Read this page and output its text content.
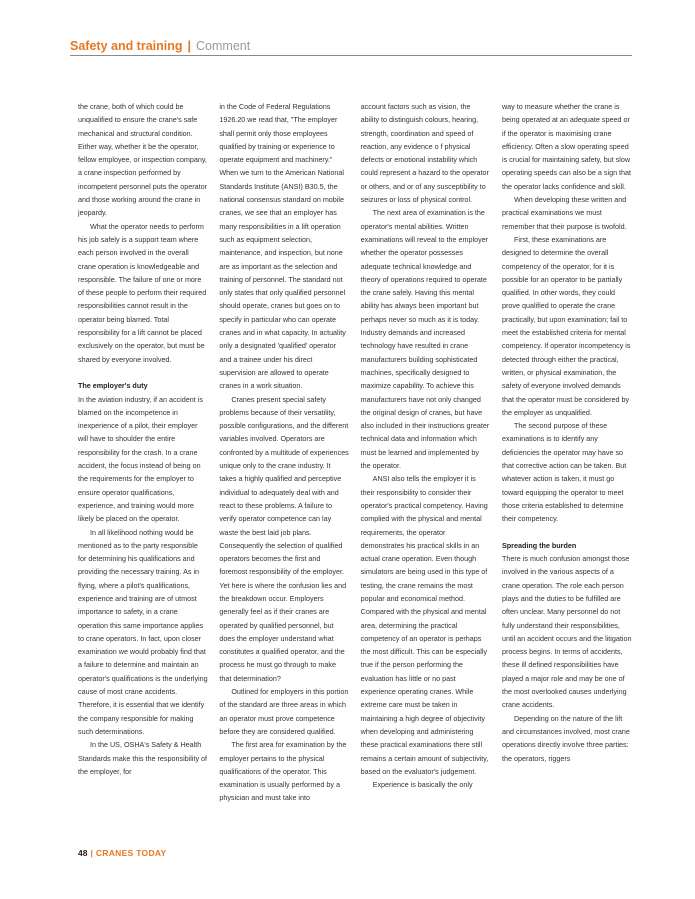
Safety and training | Comment

the crane, both of which could be unqualified to ensure the crane's safe mechanical and structural condition. Either way, whether it be the operator, fellow employee, or inspection company, a crane inspection performed by incompetent personnel puts the operator and those working around the crane in jeopardy.

What the operator needs to perform his job safely is a support team where each person involved in the overall crane operation is knowledgeable and responsible. The failure of one or more of these people to perform their required responsibilities cannot result in the operator being blamed. Total responsibility for a lift cannot be placed exclusively on the operator, but must be shared by everyone involved.

The employer's duty

In the aviation industry, if an accident is blamed on the incompetence in inexperience of a pilot, their employer will have to shoulder the entire responsibility for the crash. In a crane accident, the focus instead of being on the requirements for the employer to ensure operator qualifications, experience, and training would more likely be placed on the operator.

In all likelihood nothing would be mentioned as to the party responsible for determining his qualifications and providing the necessary training. As in flying, where a pilot's qualifications, experience and training are of utmost importance to safety, in a crane operation this same importance applies to crane operators. In fact, upon closer examination we would probably find that a failure to determine and maintain an operator's qualifications is the underlying cause of most crane accidents. Therefore, it is essential that we identify the company responsible for making such determinations.

In the US, OSHA's Safety & Health Standards make this the responsibility of the employer, for

in the Code of Federal Regulations 1926.20 we read that, "The employer shall permit only those employees qualified by training or experience to operate equipment and machinery." When we turn to the American National Standards Institute (ANSI) B30.5, the national consensus standard on mobile cranes, we see that an employer has many responsibilities in a lift operation such as equipment selection, maintenance, and inspection, but none are as important as the selection and training of personnel. The standard not only states that only qualified personnel should operate, cranes but goes on to specify in particular who can operate cranes and in what capacity. In actuality only a designated 'qualified' operator and a trainee under his direct supervision are allowed to operate cranes in a work situation.

Cranes present special safety problems because of their versatility, possible configurations, and the different variables involved. Operators are confronted by a multitude of experiences unique only to the crane industry. It takes a highly qualified and perceptive individual to adequately deal with and react to these problems. A failure to verify operator competence can lay waste the best laid job plans. Consequently the selection of qualified operators becomes the first and foremost responsibility of the employer. Yet here is where the confusion lies and the breakdown occur. Employers generally feel as if their cranes are operated by qualified personnel, but does the employer understand what constitutes a qualified operator, and the process he must go through to make that determination?

Outlined for employers in this portion of the standard are three areas in which an operator must prove competence before they are considered qualified.

The first area for examination by the employer pertains to the physical qualifications of the operator. This examination is usually performed by a physician and must take into

account factors such as vision, the ability to distinguish colours, hearing, strength, coordination and speed of reaction, any evidence o f physical defects or emotional instability which could represent a hazard to the operator or others, and or of any susceptibility to seizures or loss of physical control.

The next area of examination is the operator's mental abilities. Written examinations will reveal to the employer whether the operator possesses adequate technical knowledge and theory of operations required to operate the crane safely. Having this mental ability has always been important but perhaps never so much as it is today. Industry demands and increased technology have resulted in crane manufacturers building sophisticated machines, specifically designed to maximize capability. To achieve this manufacturers have not only changed the original design of cranes, but have also included in their instructions greater technical data and information which must be learned and implemented by the operator.

ANSI also tells the employer it is their responsibility to consider their operator's practical competency. Having complied with the physical and mental requirements, the operator demonstrates his practical skills in an actual crane operation. Even though simulators are being used in this type of testing, the crane remains the most popular and economical method. Compared with the physical and mental area, determining the practical competency of an operator is perhaps the most difficult. This can be especially true if the person performing the evaluation has little or no past experience operating cranes. While extreme care must be taken in maintaining a high degree of objectivity when developing and administering these practical examinations there still remains a certain amount of subjectivity, based on the evaluator's judgement.

Experience is basically the only

way to measure whether the crane is being operated at an adequate speed or if the operator is maximising crane efficiency. Often a slow operating speed is crucial for maintaining safety, but slow operating speeds can also be a sign that the operator lacks confidence and skill.

When developing these written and practical examinations we must remember that their purpose is twofold.

First, these examinations are designed to determine the overall competency of the operator, for it is possible for an operator to be partially qualified. In other words, they could prove qualified to operate the crane practically, but upon examination; fail to meet the established criteria for mental competency. If operator incompetency is detected through either the practical, written, or physical examination, the safety of everyone involved demands that the operator must be considered by the employer as unqualified.

The second purpose of these examinations is to identify any deficiencies the operator may have so that corrective action can be taken. But whatever action is taken, it must go toward equipping the operator to meet those criteria established to determine their competency.

Spreading the burden

There is much confusion amongst those involved in the various aspects of a crane operation. The role each person plays and the duties to be fulfilled are often unclear. Many personnel do not fully understand their responsibilities, until an accident occurs and the litigation process begins. In terms of accidents, these ill defined responsibilities have played a major role and may be one of the most overlooked causes underlying crane accidents.

Depending on the nature of the lift and circumstances involved, most crane operations directly involve three parties: the operators, riggers

48 | CRANES TODAY
